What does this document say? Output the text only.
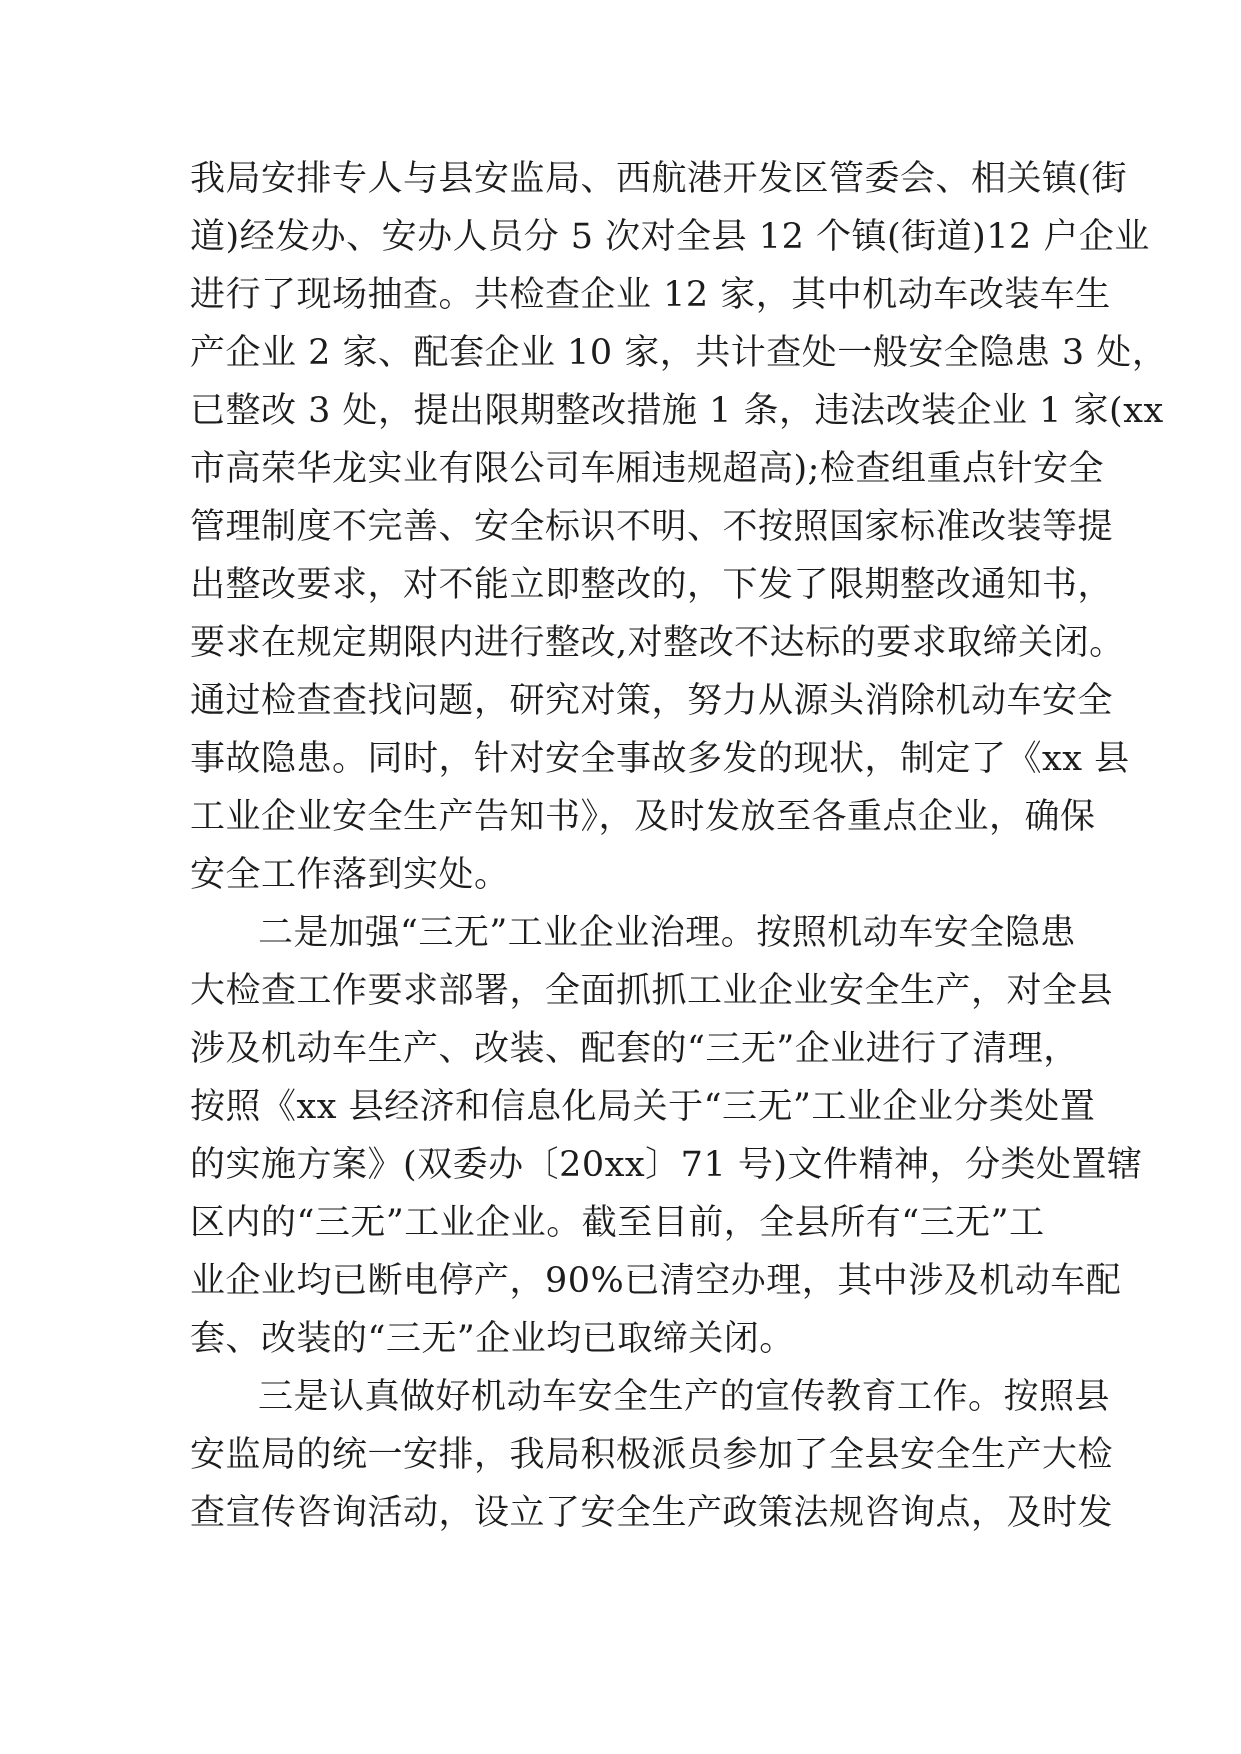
我局安排专人与县安监局、西航港开发区管委会、相关镇(街
道)经发办、安办人员分 5 次对全县 12 个镇(街道)12 户企业
进行了现场抽查。共检查企业 12 家，其中机动车改装车生
产企业 2 家、配套企业 10 家，共计查处一般安全隐患 3 处，
已整改 3 处，提出限期整改措施 1 条，违法改装企业 1 家(xx
市高荣华龙实业有限公司车厢违规超高);检查组重点针安全
管理制度不完善、安全标识不明、不按照国家标准改装等提
出整改要求，对不能立即整改的，下发了限期整改通知书，
要求在规定期限内进行整改,对整改不达标的要求取缔关闭。
通过检查查找问题，研究对策，努力从源头消除机动车安全
事故隐患。同时，针对安全事故多发的现状，制定了《xx 县
工业企业安全生产告知书》，及时发放至各重点企业，确保
安全工作落到实处。
二是加强“三无”工业企业治理。按照机动车安全隐患
大检查工作要求部署，全面抓抓工业企业安全生产，对全县
涉及机动车生产、改装、配套的“三无”企业进行了清理，
按照《xx 县经济和信息化局关于“三无”工业企业分类处置
的实施方案》(双委办〔20xx〕71 号)文件精神，分类处置辖
区内的“三无”工业企业。截至目前，全县所有“三无”工
业企业均已断电停产，90%已清空办理，其中涉及机动车配
套、改装的“三无”企业均已取缔关闭。
三是认真做好机动车安全生产的宣传教育工作。按照县
安监局的统一安排，我局积极派员参加了全县安全生产大检
查宣传咨询活动，设立了安全生产政策法规咨询点，及时发
